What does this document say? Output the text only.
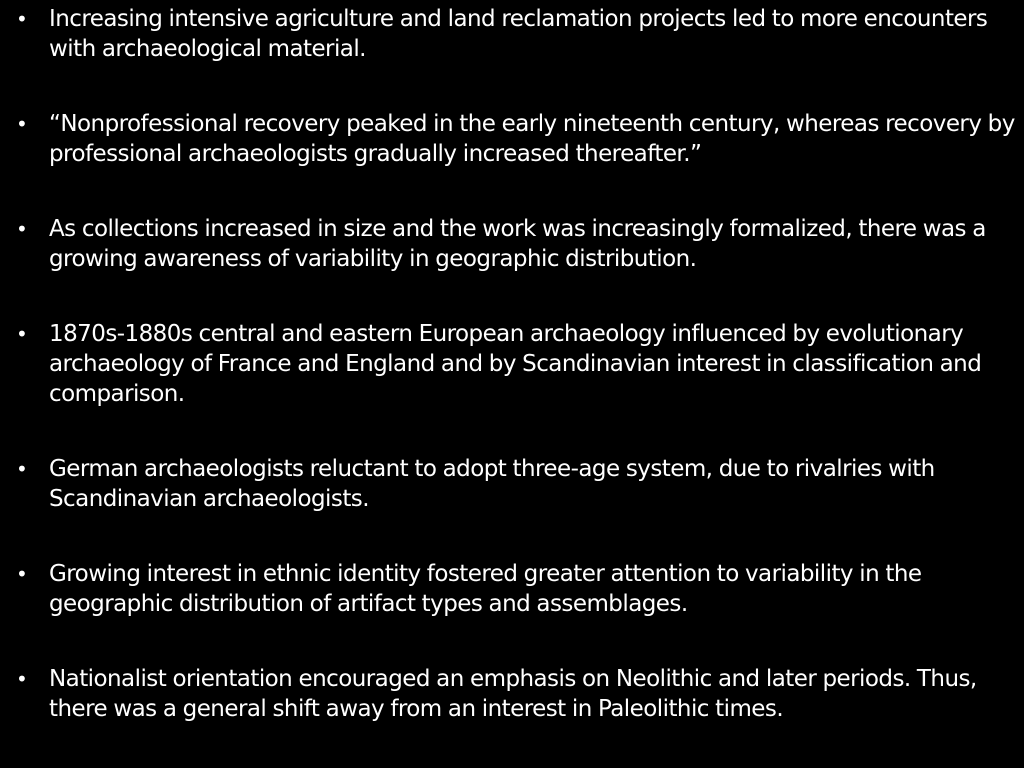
• Increasing intensive agriculture and land reclamation projects led to more encounters with archaeological material.
• “Nonprofessional recovery peaked in the early nineteenth century, whereas recovery by professional archaeologists gradually increased thereafter.”
• As collections increased in size and the work was increasingly formalized, there was a growing awareness of variability in geographic distribution.
• 1870s-1880s central and eastern European archaeology influenced by evolutionary archaeology of France and England and by Scandinavian interest in classification and comparison.
• German archaeologists reluctant to adopt three-age system, due to rivalries with Scandinavian archaeologists.
• Growing interest in ethnic identity fostered greater attention to variability in the geographic distribution of artifact types and assemblages.
• Nationalist orientation encouraged an emphasis on Neolithic and later periods. Thus, there was a general shift away from an interest in Paleolithic times.
